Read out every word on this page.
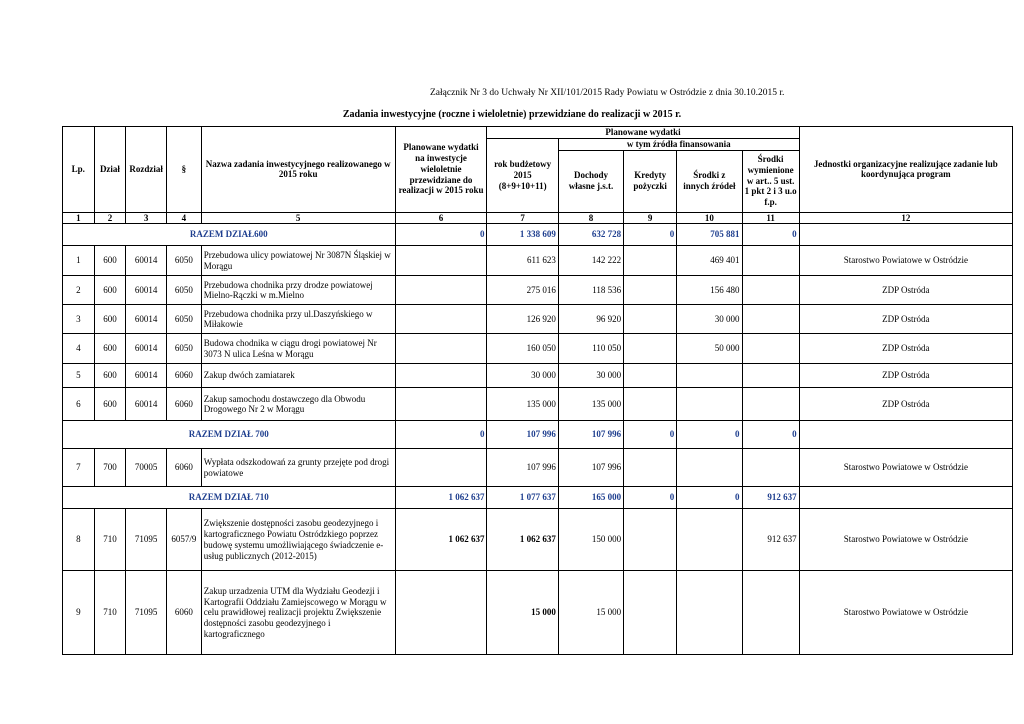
Załącznik Nr 3 do Uchwały Nr XII/101/2015 Rady Powiatu w Ostródzie z dnia 30.10.2015 r.
Zadania inwestycyjne (roczne i wieloletnie) przewidziane do realizacji w 2015 r.
Lp.	Dział	Rozdział	§	Nazwa zadania inwestycyjnego realizowanego w 2015 roku	Planowane wydatki na inwestycje wieloletnie przewidziane do realizacji w 2015 roku	Planowane wydatki					Jednostki organizacyjne realizujące zadanie lub koordynująca program
						rok budżetowy 2015 (8+9+10+11)	w tym źródła finansowania				
							Dochody własne j.s.t.	Kredyty pożyczki	Środki z innych źródeł	Środki wymienione w art.. 5 ust. 1 pkt 2 i 3 u.o f.p.	
1	2	3	4	5	6	7	8	9	10	11	12
RAZEM DZIAŁ600					0	1 338 609	632 728	0	705 881	0	
1	600	60014	6050	Przebudowa ulicy powiatowej Nr 3087N Śląskiej w Morągu		611 623	142 222		469 401		Starostwo Powiatowe w Ostródzie
2	600	60014	6050	Przebudowa chodnika przy drodze powiatowej Mielno-Rączki w m.Mielno		275 016	118 536		156 480		ZDP Ostróda
3	600	60014	6050	Przebudowa chodnika przy ul.Daszyńskiego w Miłakowie		126 920	96 920		30 000		ZDP Ostróda
4	600	60014	6050	Budowa chodnika w ciągu drogi powiatowej Nr 3073 N ulica Leśna w Morągu		160 050	110 050		50 000		ZDP Ostróda
5	600	60014	6060	Zakup dwóch zamiatarek		30 000	30 000				ZDP Ostróda
6	600	60014	6060	Zakup samochodu dostawczego dla Obwodu Drogowego Nr 2 w Morągu		135 000	135 000				ZDP Ostróda
RAZEM DZIAŁ 700					0	107 996	107 996	0	0	0	
7	700	70005	6060	Wypłata odszkodowań za grunty przejęte pod drogi powiatowe		107 996	107 996				Starostwo Powiatowe w Ostródzie
RAZEM DZIAŁ 710					1 062 637	1 077 637	165 000	0	0	912 637	
8	710	71095	6057/9	Zwiększenie dostępności zasobu geodezyjnego i kartograficznego Powiatu Ostródzkiego poprzez budowę systemu umożliwiającego świadczenie e-usług publicznych (2012-2015)	1 062 637	1 062 637	150 000			912 637	Starostwo Powiatowe w Ostródzie
9	710	71095	6060	Zakup urzadzenia UTM dla Wydziału Geodezji i Kartografii Oddziału Zamiejscowego w Morągu w celu prawidłowej realizacji projektu Zwiększenie dostępności zasobu geodezyjnego i kartograficznego		15 000	15 000				Starostwo Powiatowe w Ostródzie
